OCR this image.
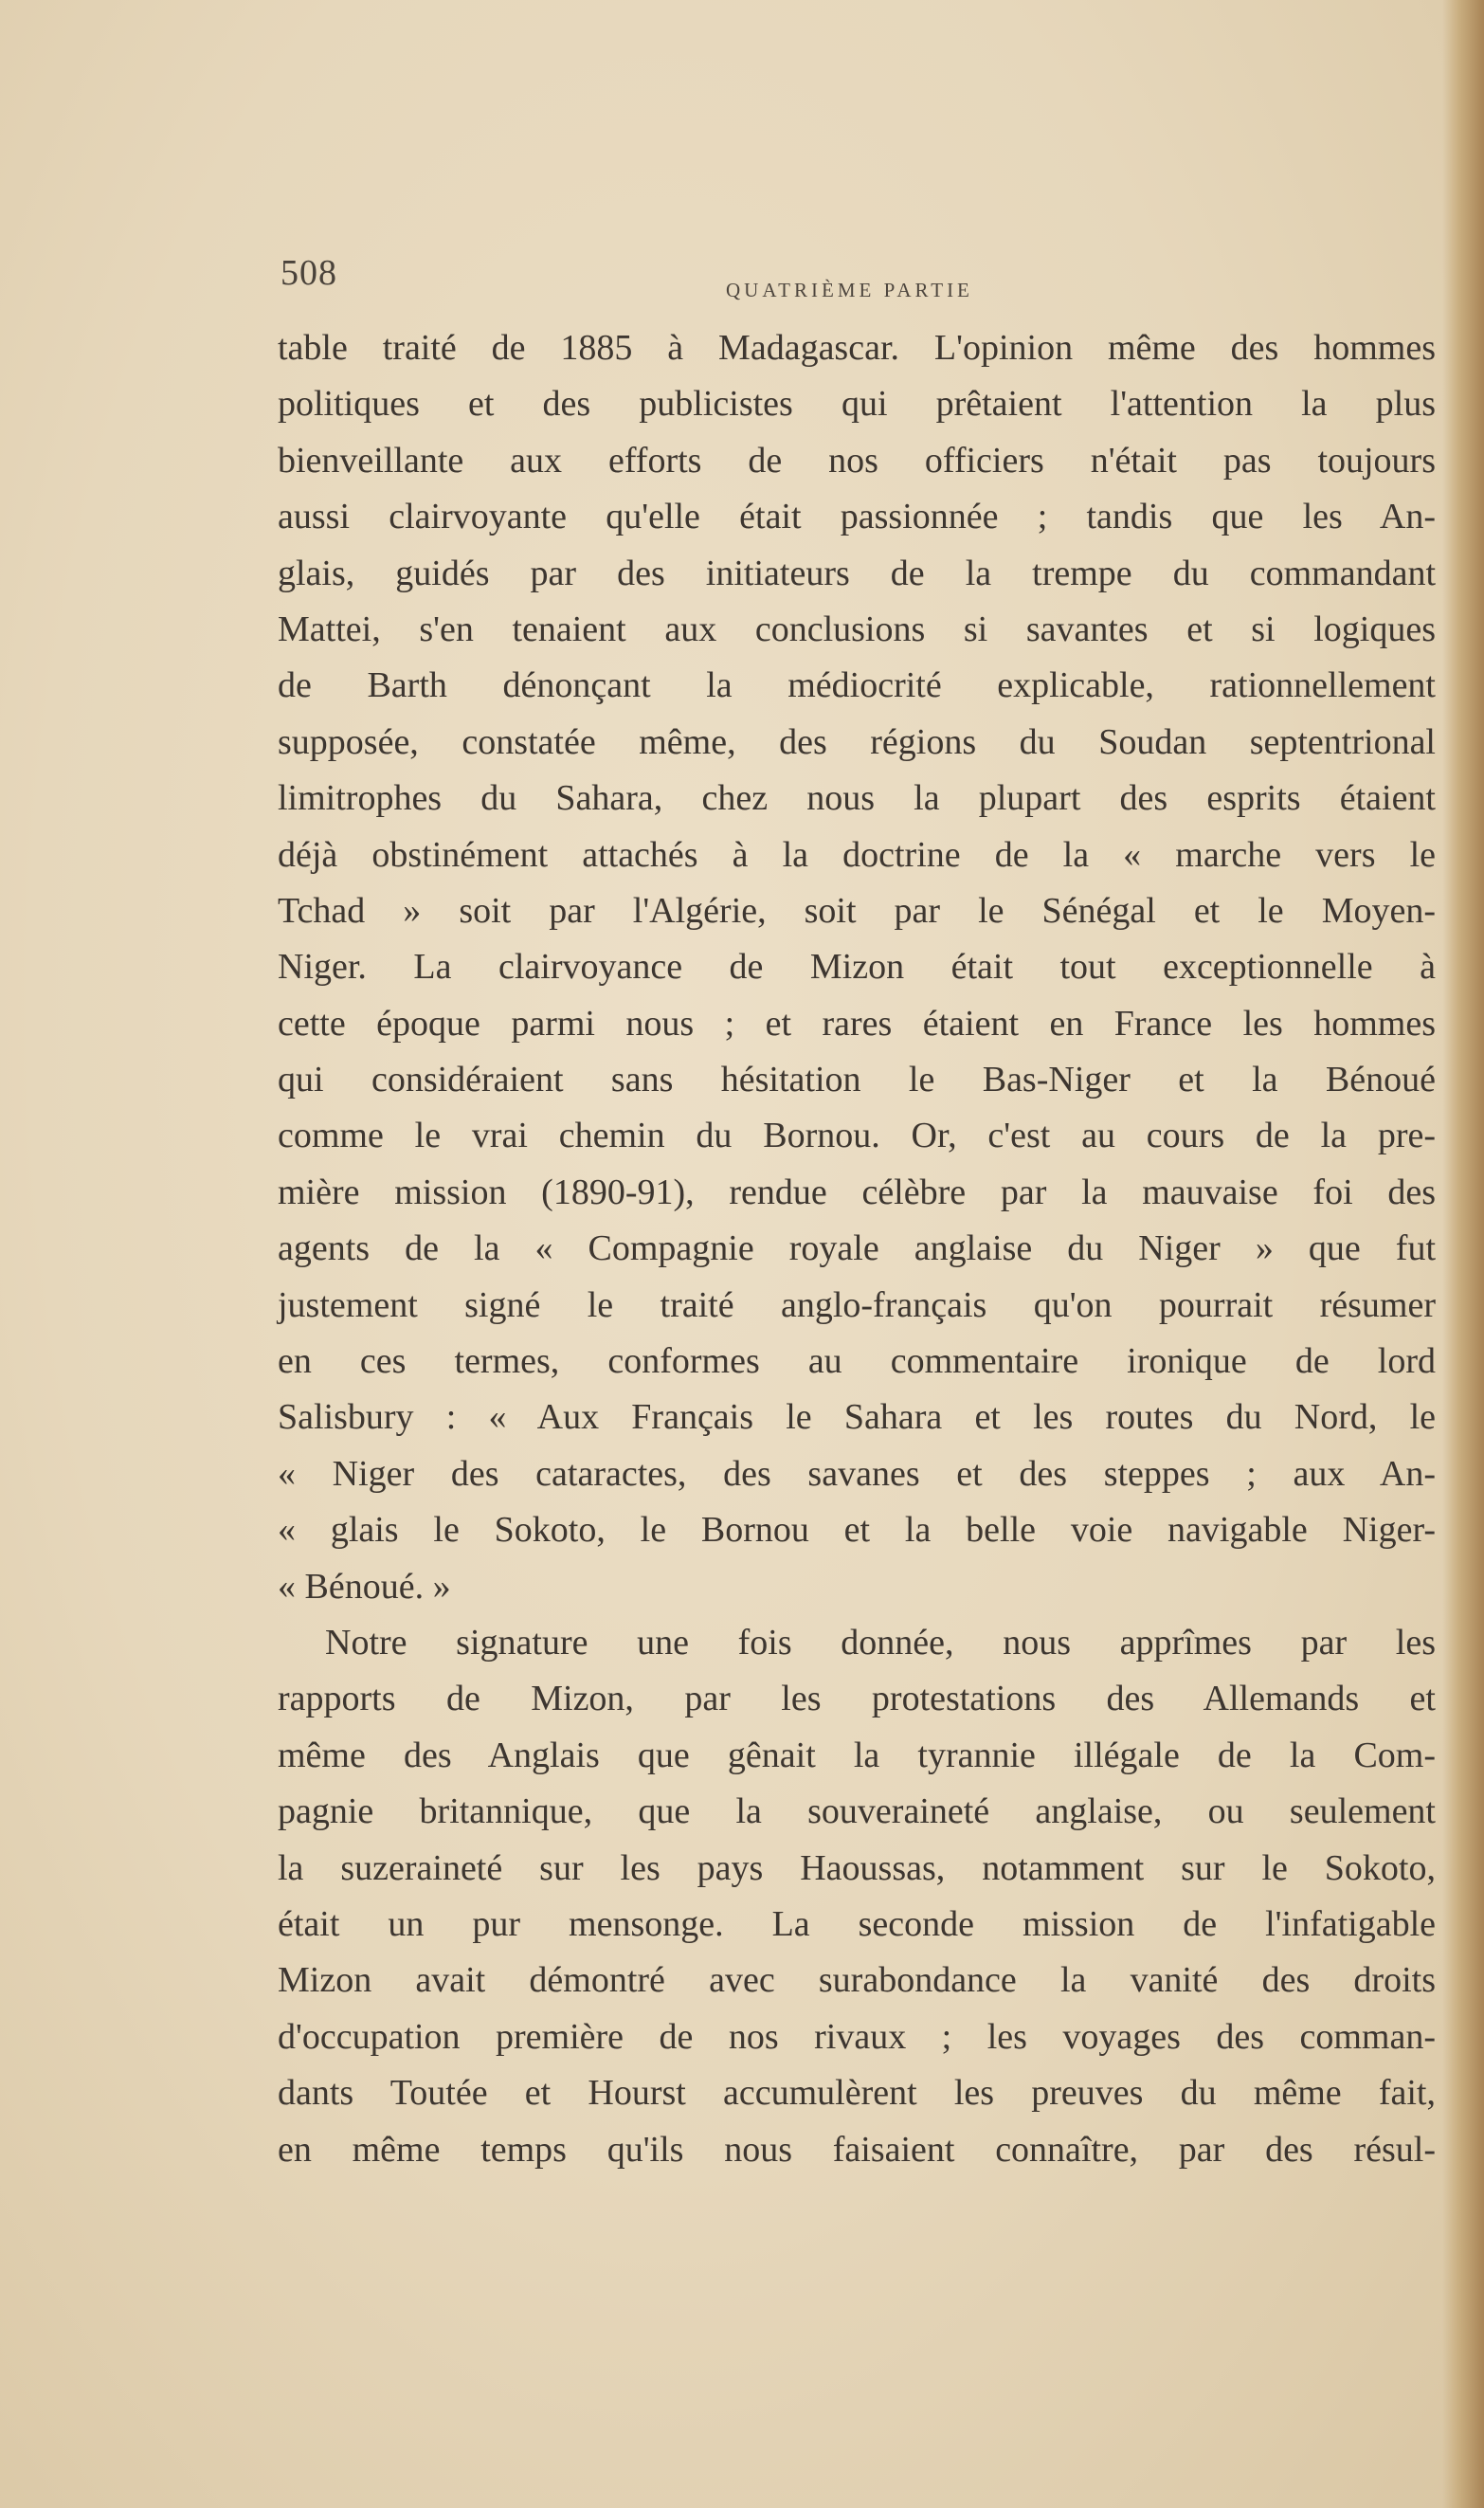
508	QUATRIÈME PARTIE
table traité de 1885 à Madagascar. L'opinion même des hommes
politiques et des publicistes qui prêtaient l'attention la plus
bienveillante aux efforts de nos officiers n'était pas toujours
aussi clairvoyante qu'elle était passionnée ; tandis que les An-
glais, guidés par des initiateurs de la trempe du commandant
Mattei, s'en tenaient aux conclusions si savantes et si logiques
de Barth dénonçant la médiocrité explicable, rationnellement
supposée, constatée même, des régions du Soudan septentrional
limitrophes du Sahara, chez nous la plupart des esprits étaient
déjà obstinément attachés à la doctrine de la « marche vers le
Tchad » soit par l'Algérie, soit par le Sénégal et le Moyen-
Niger. La clairvoyance de Mizon était tout exceptionnelle à
cette époque parmi nous ; et rares étaient en France les hommes
qui considéraient sans hésitation le Bas-Niger et la Bénoué
comme le vrai chemin du Bornou. Or, c'est au cours de la pre-
mière mission (1890-91), rendue célèbre par la mauvaise foi des
agents de la « Compagnie royale anglaise du Niger » que fut
justement signé le traité anglo-français qu'on pourrait résumer
en ces termes, conformes au commentaire ironique de lord
Salisbury : « Aux Français le Sahara et les routes du Nord, le
« Niger des cataractes, des savanes et des steppes ; aux An-
« glais le Sokoto, le Bornou et la belle voie navigable Niger-
« Bénoué. »
Notre signature une fois donnée, nous apprîmes par les
rapports de Mizon, par les protestations des Allemands et
même des Anglais que gênait la tyrannie illégale de la Com-
pagnie britannique, que la souveraineté anglaise, ou seulement
la suzeraineté sur les pays Haoussas, notamment sur le Sokoto,
était un pur mensonge. La seconde mission de l'infatigable
Mizon avait démontré avec surabondance la vanité des droits
d'occupation première de nos rivaux ; les voyages des comman-
dants Toutée et Hourst accumulèrent les preuves du même fait,
en même temps qu'ils nous faisaient connaître, par des résul-
